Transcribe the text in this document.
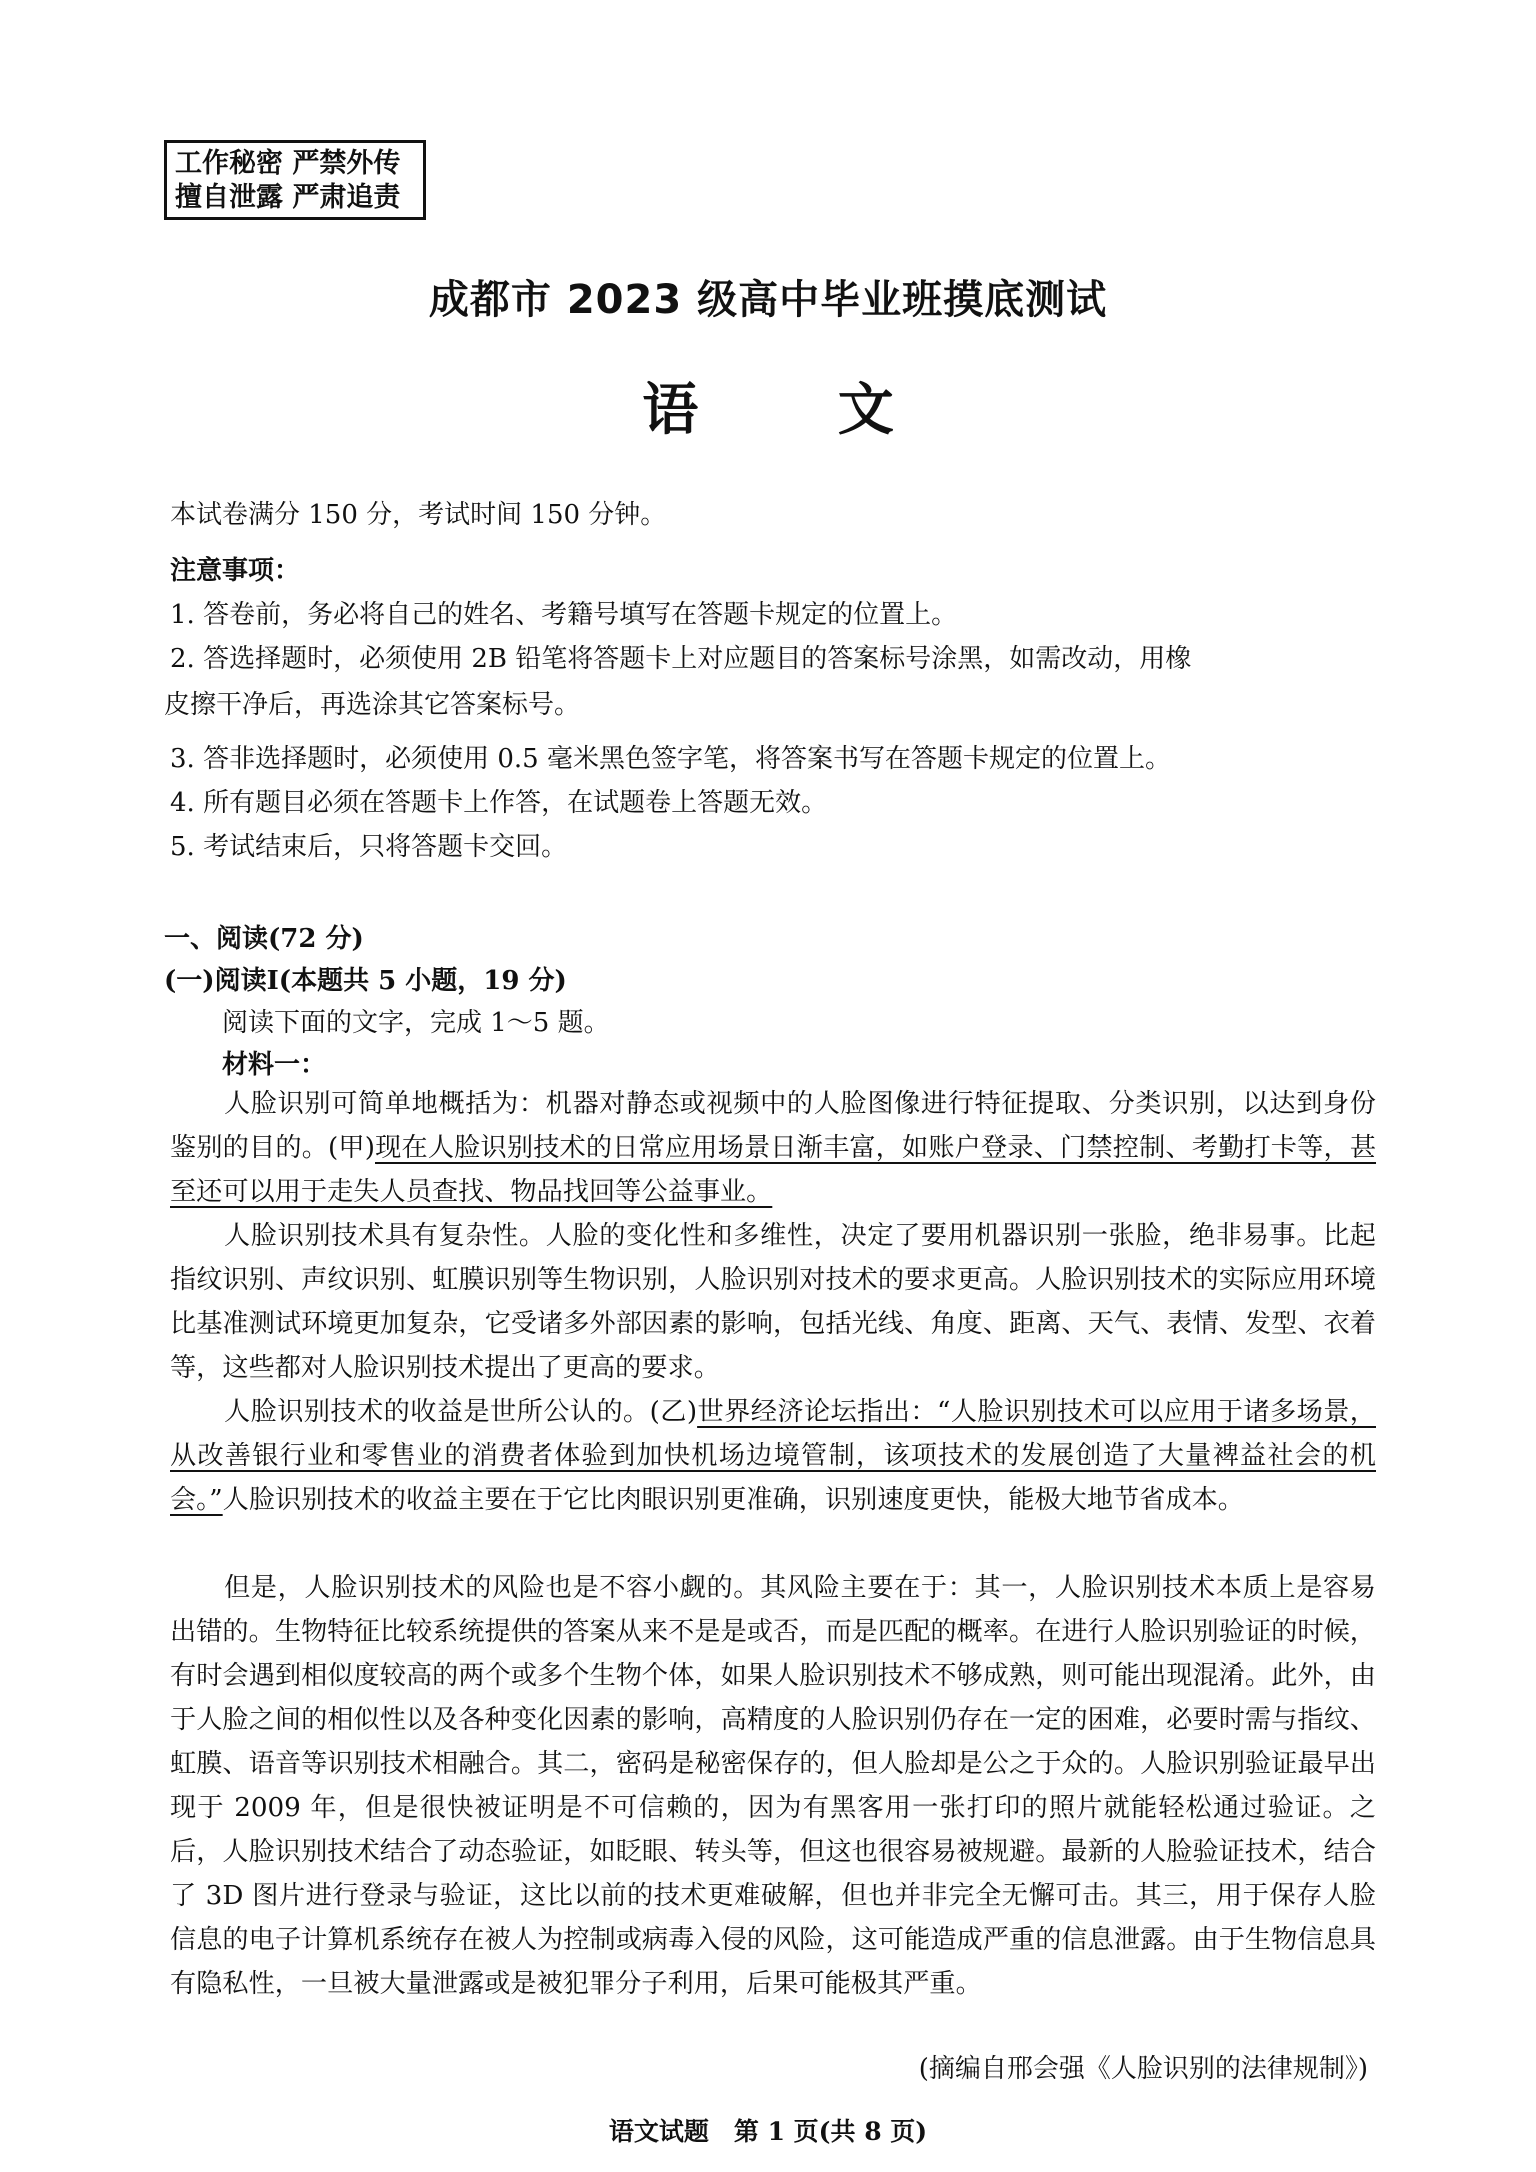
工作秘密 严禁外传
擅自泄露 严肃追责
成都市 2023 级高中毕业班摸底测试
语 文
本试卷满分 150 分，考试时间 150 分钟。
注意事项：
1. 答卷前，务必将自己的姓名、考籍号填写在答题卡规定的位置上。
2. 答选择题时，必须使用 2B 铅笔将答题卡上对应题目的答案标号涂黑，如需改动，用橡
皮擦干净后，再选涂其它答案标号。
3. 答非选择题时，必须使用 0.5 毫米黑色签字笔，将答案书写在答题卡规定的位置上。
4. 所有题目必须在答题卡上作答，在试题卷上答题无效。
5. 考试结束后，只将答题卡交回。
一、阅读(72 分)
(一)阅读Ⅰ(本题共 5 小题，19 分)
阅读下面的文字，完成 1～5 题。
材料一：
人脸识别可简单地概括为：机器对静态或视频中的人脸图像进行特征提取、分类识别，以达到身份鉴别的目的。(甲)现在人脸识别技术的日常应用场景日渐丰富，如账户登录、门禁控制、考勤打卡等，甚至还可以用于走失人员查找、物品找回等公益事业。
人脸识别技术具有复杂性。人脸的变化性和多维性，决定了要用机器识别一张脸，绝非易事。比起指纹识别、声纹识别、虹膜识别等生物识别，人脸识别对技术的要求更高。人脸识别技术的实际应用环境比基准测试环境更加复杂，它受诸多外部因素的影响，包括光线、角度、距离、天气、表情、发型、衣着等，这些都对人脸识别技术提出了更高的要求。
人脸识别技术的收益是世所公认的。(乙)世界经济论坛指出：“人脸识别技术可以应用于诸多场景，从改善银行业和零售业的消费者体验到加快机场边境管制，该项技术的发展创造了大量裨益社会的机会。”人脸识别技术的收益主要在于它比肉眼识别更准确，识别速度更快，能极大地节省成本。
但是，人脸识别技术的风险也是不容小觑的。其风险主要在于：其一，人脸识别技术本质上是容易出错的。生物特征比较系统提供的答案从来不是是或否，而是匹配的概率。在进行人脸识别验证的时候，有时会遇到相似度较高的两个或多个生物个体，如果人脸识别技术不够成熟，则可能出现混淆。此外，由于人脸之间的相似性以及各种变化因素的影响，高精度的人脸识别仍存在一定的困难，必要时需与指纹、虹膜、语音等识别技术相融合。其二，密码是秘密保存的，但人脸却是公之于众的。人脸识别验证最早出现于 2009 年，但是很快被证明是不可信赖的，因为有黑客用一张打印的照片就能轻松通过验证。之后，人脸识别技术结合了动态验证，如眨眼、转头等，但这也很容易被规避。最新的人脸验证技术，结合了 3D 图片进行登录与验证，这比以前的技术更难破解，但也并非完全无懈可击。其三，用于保存人脸信息的电子计算机系统存在被人为控制或病毒入侵的风险，这可能造成严重的信息泄露。由于生物信息具有隐私性，一旦被大量泄露或是被犯罪分子利用，后果可能极其严重。
(摘编自邢会强《人脸识别的法律规制》)
语文试题　第 1 页(共 8 页)
